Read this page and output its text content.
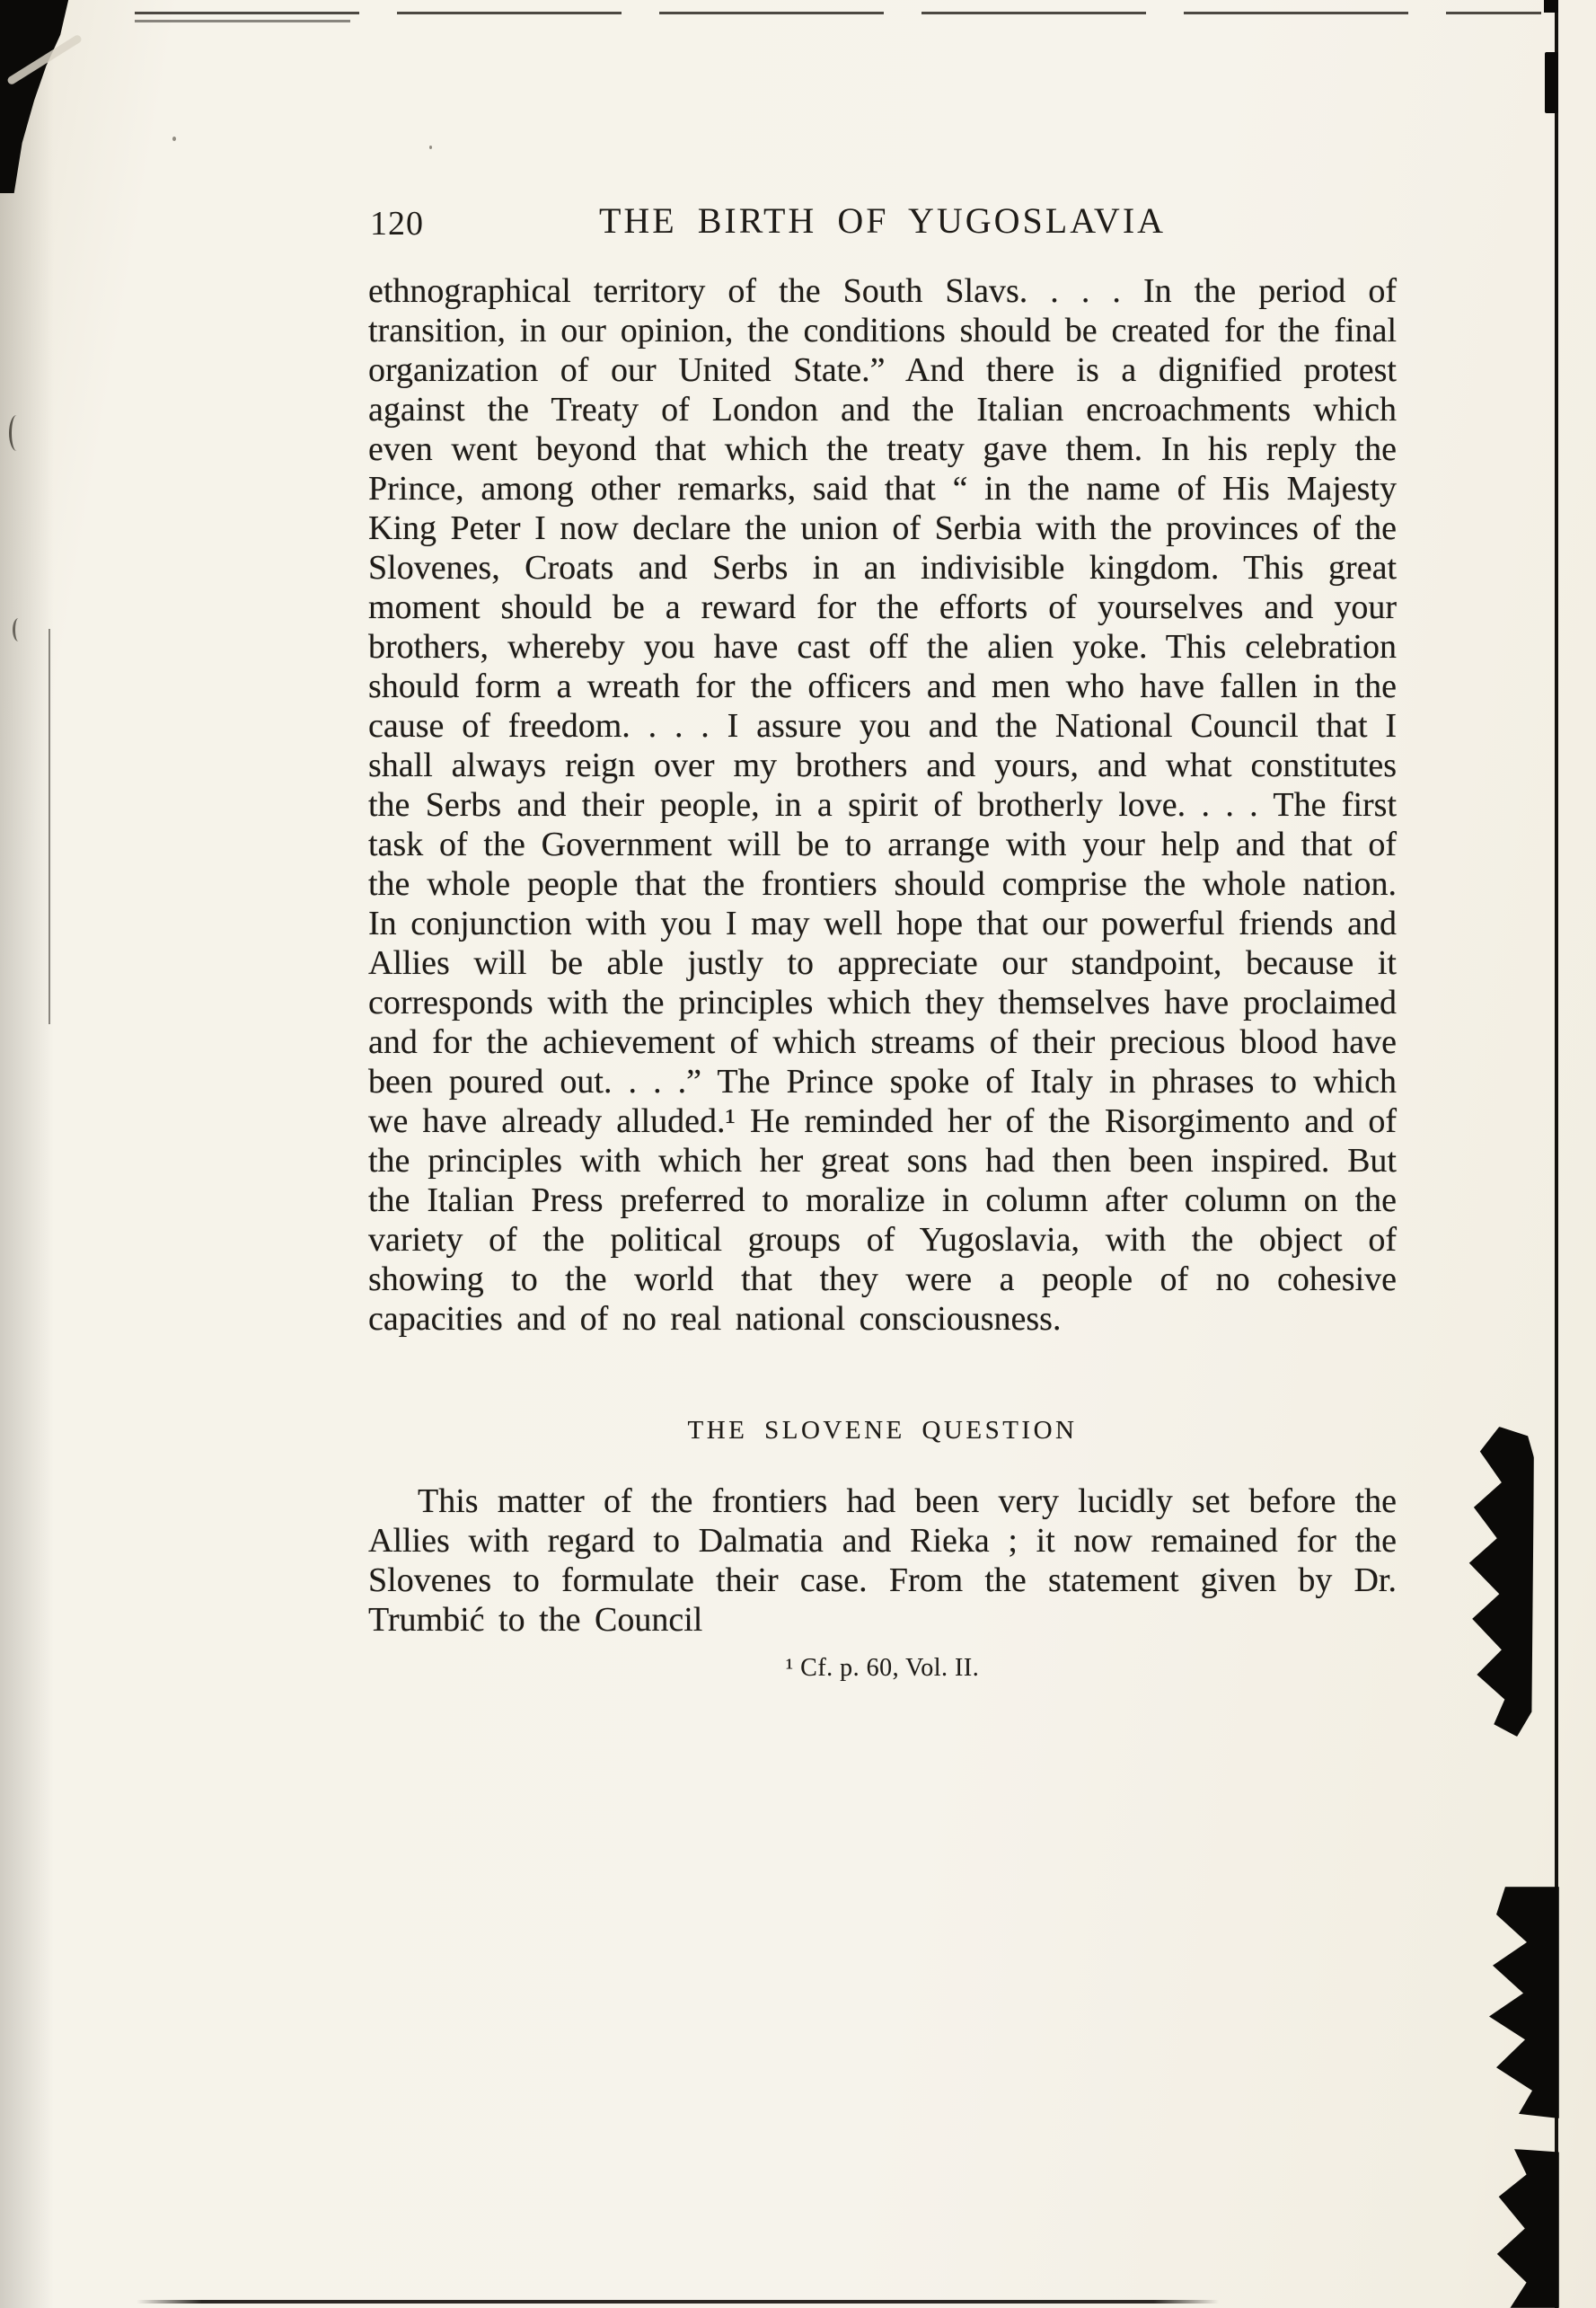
120	THE BIRTH OF YUGOSLAVIA

ethnographical territory of the South Slavs. . . . In the period of transition, in our opinion, the conditions should be created for the final organization of our United State.” And there is a dignified protest against the Treaty of London and the Italian encroachments which even went beyond that which the treaty gave them. In his reply the Prince, among other remarks, said that “ in the name of His Majesty King Peter I now declare the union of Serbia with the provinces of the Slovenes, Croats and Serbs in an indivisible kingdom. This great moment should be a reward for the efforts of yourselves and your brothers, whereby you have cast off the alien yoke. This celebration should form a wreath for the officers and men who have fallen in the cause of freedom. . . . I assure you and the National Council that I shall always reign over my brothers and yours, and what constitutes the Serbs and their people, in a spirit of brotherly love. . . . The first task of the Government will be to arrange with your help and that of the whole people that the frontiers should comprise the whole nation. In conjunction with you I may well hope that our powerful friends and Allies will be able justly to appreciate our standpoint, because it corresponds with the principles which they themselves have proclaimed and for the achievement of which streams of their precious blood have been poured out. . . .” The Prince spoke of Italy in phrases to which we have already alluded.¹ He reminded her of the Risorgimento and of the principles with which her great sons had then been inspired. But the Italian Press preferred to moralize in column after column on the variety of the political groups of Yugoslavia, with the object of showing to the world that they were a people of no cohesive capacities and of no real national consciousness.

THE SLOVENE QUESTION

This matter of the frontiers had been very lucidly set before the Allies with regard to Dalmatia and Rieka ; it now remained for the Slovenes to formulate their case. From the statement given by Dr. Trumbić to the Council

¹ Cf. p. 60, Vol. II.
